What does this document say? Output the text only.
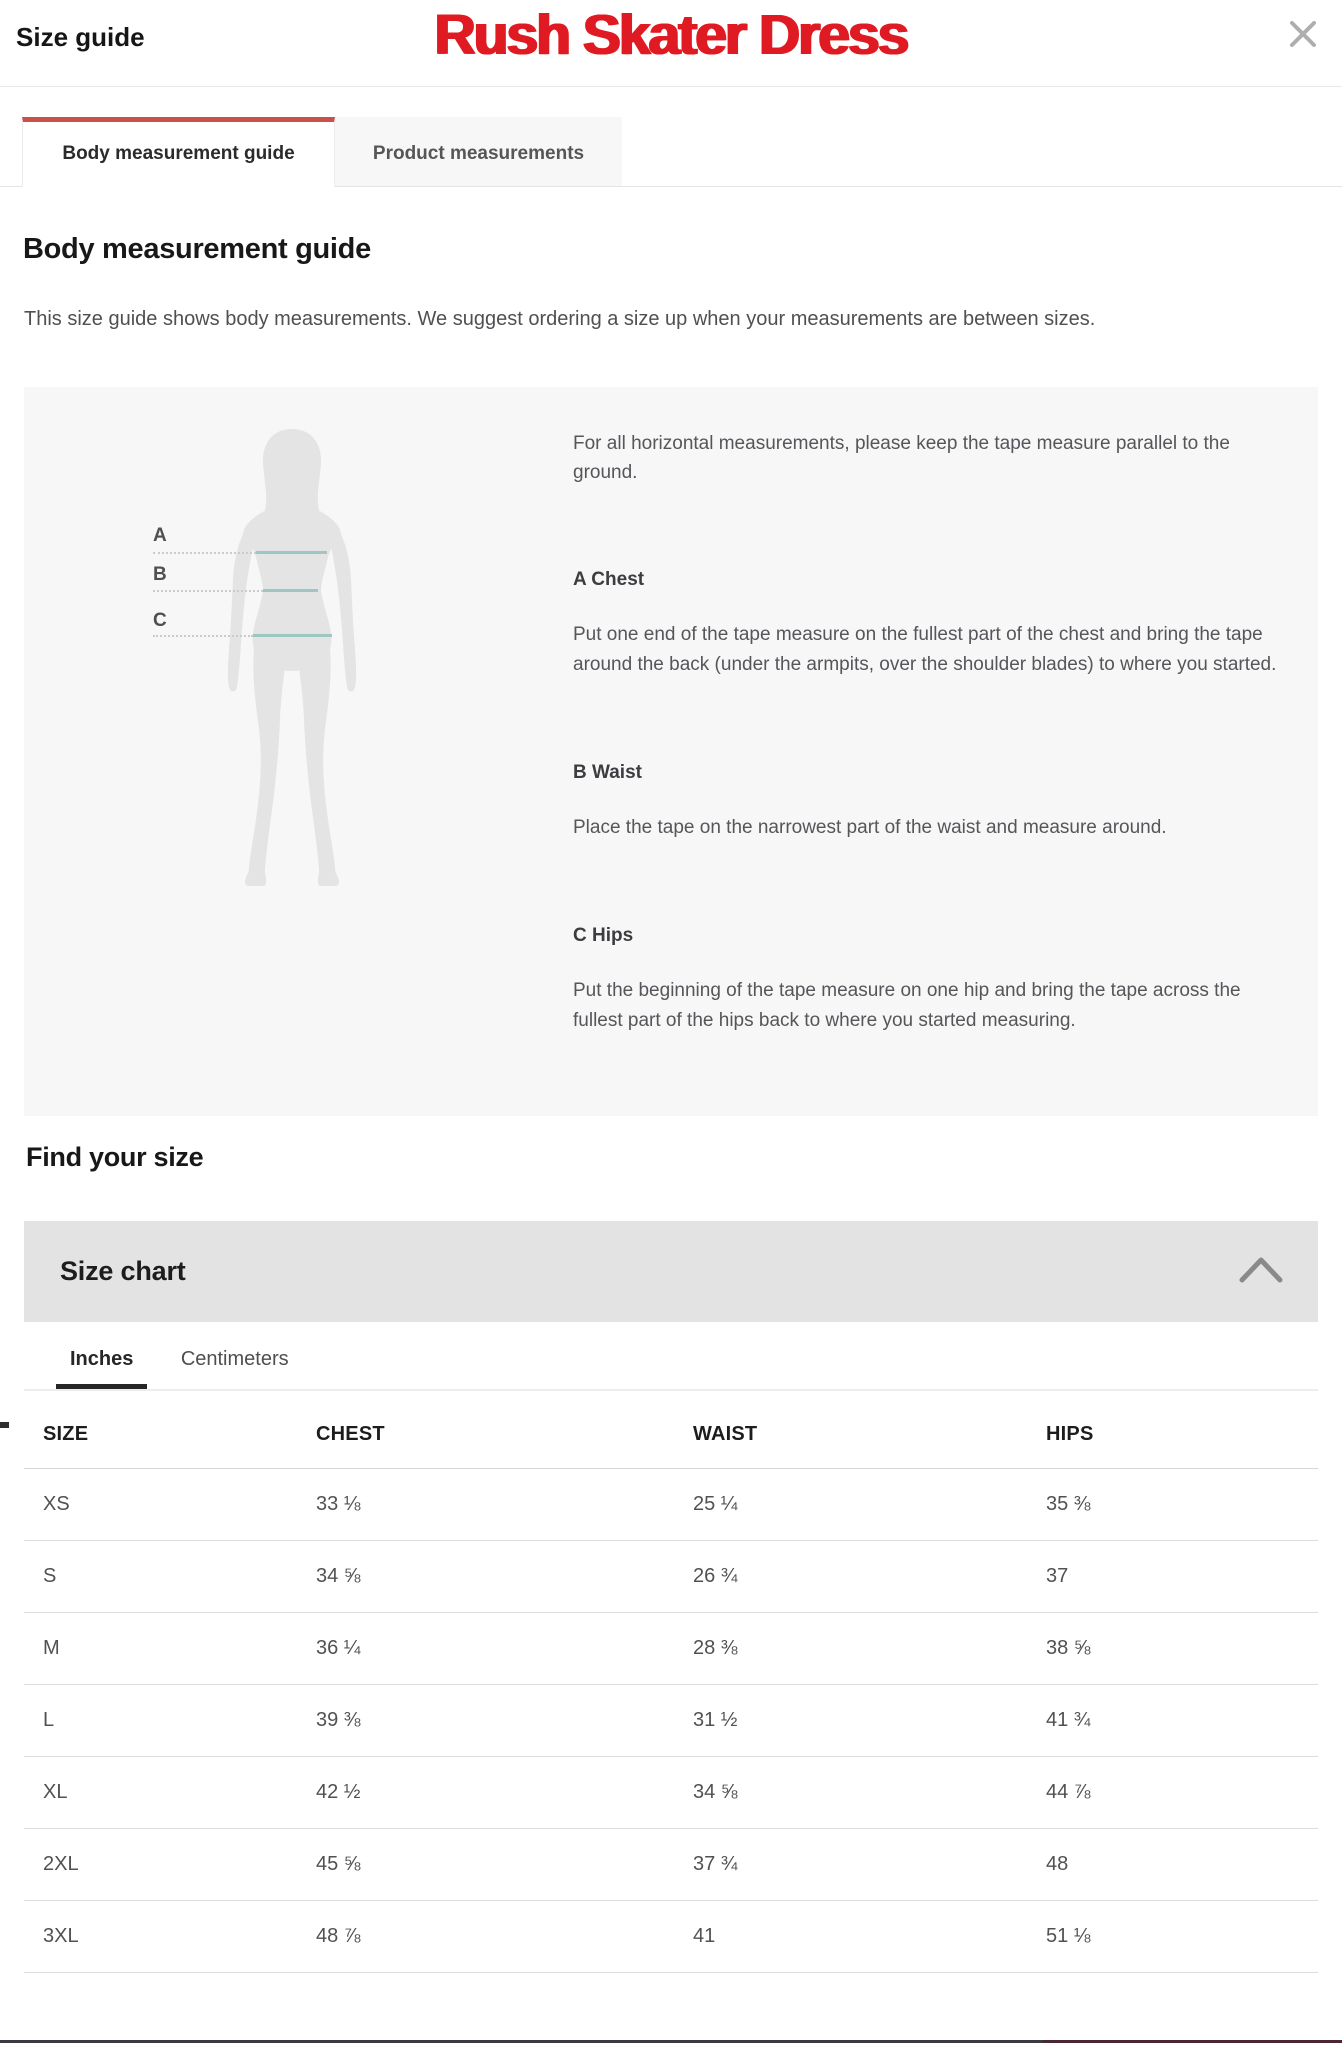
Size guide	Rush Skater Dress
Body measurement guide	Product measurements
Body measurement guide

This size guide shows body measurements. We suggest ordering a size up when your measurements are between sizes.

A
B
C

For all horizontal measurements, please keep the tape measure parallel to the ground.

A Chest

Put one end of the tape measure on the fullest part of the chest and bring the tape around the back (under the armpits, over the shoulder blades) to where you started.

B Waist

Place the tape on the narrowest part of the waist and measure around.

C Hips

Put the beginning of the tape measure on one hip and bring the tape across the fullest part of the hips back to where you started measuring.

Find your size
Size chart
Inches Centimeters
SIZE	CHEST	WAIST	HIPS
XS	33 ⅛	25 ¼	35 ⅜
S	34 ⅝	26 ¾	37
M	36 ¼	28 ⅜	38 ⅝
L	39 ⅜	31 ½	41 ¾
XL	42 ½	34 ⅝	44 ⅞
2XL	45 ⅝	37 ¾	48
3XL	48 ⅞	41	51 ⅛
